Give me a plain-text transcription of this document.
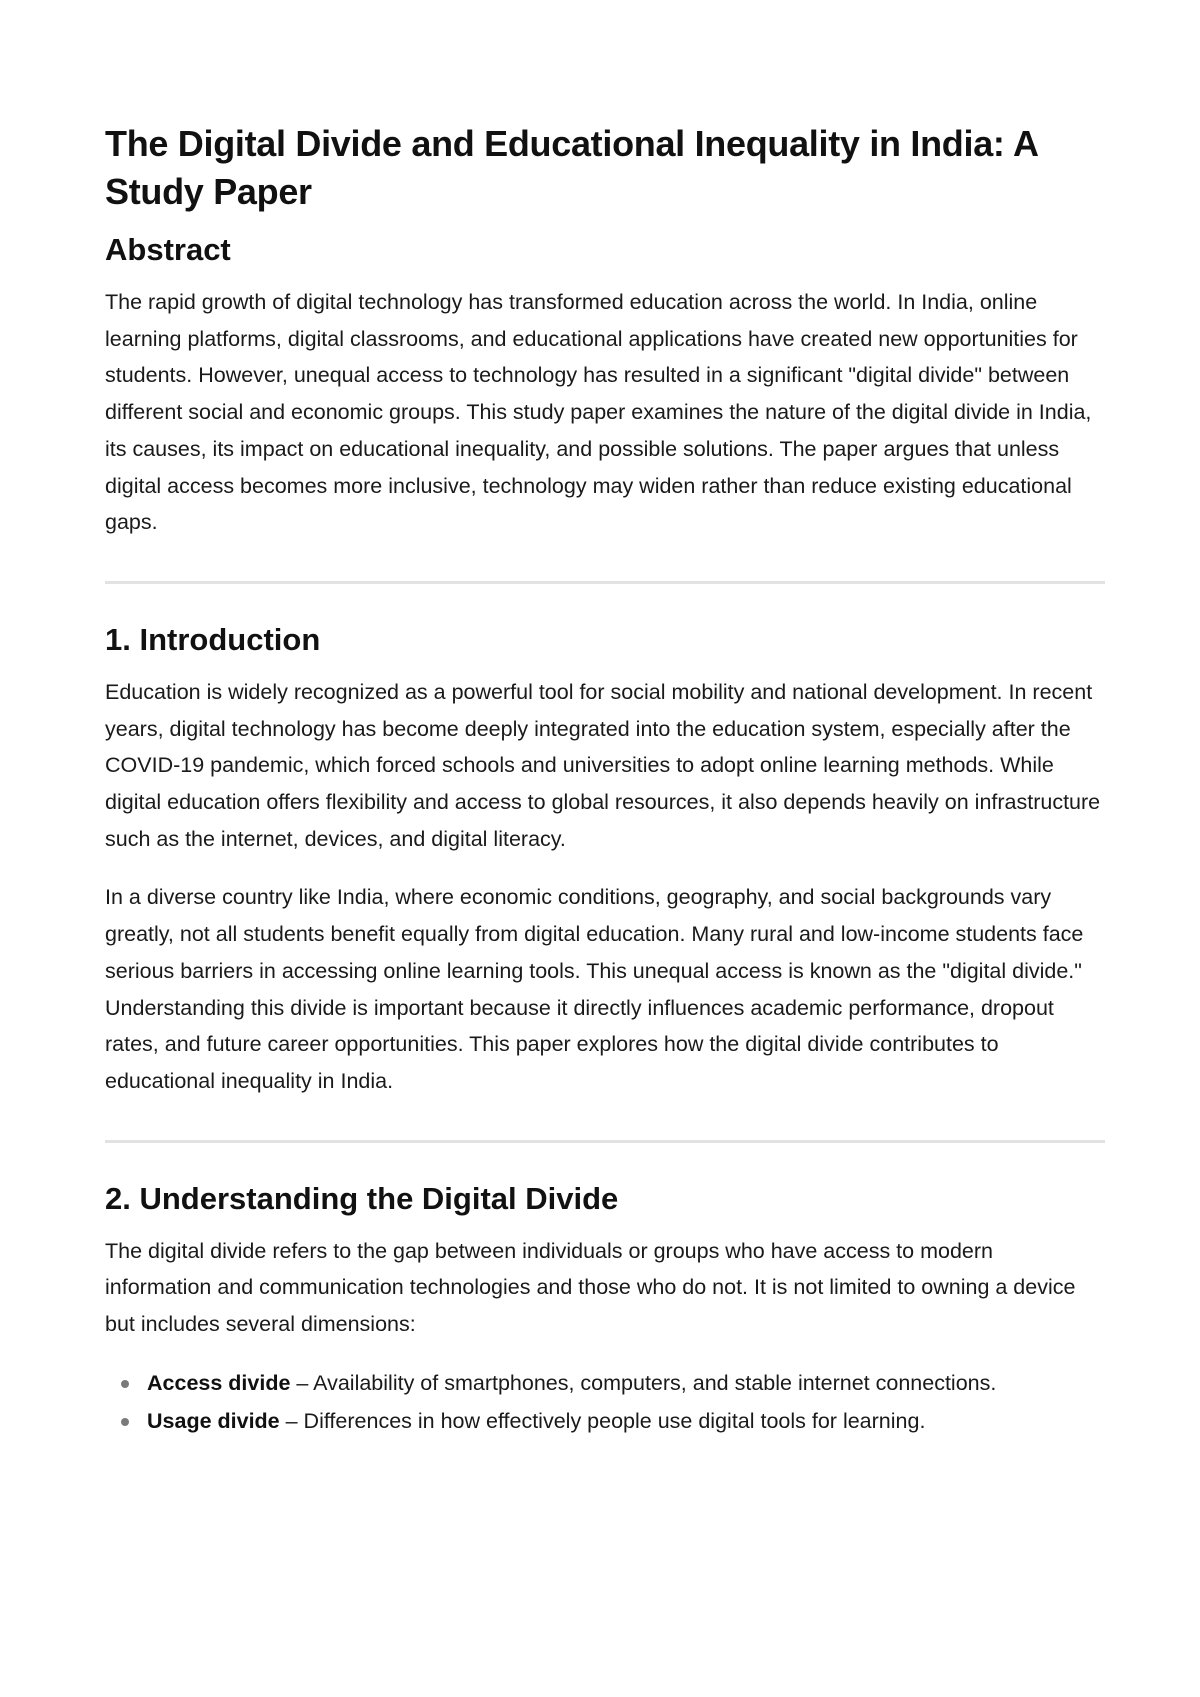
The Digital Divide and Educational Inequality in India: A Study Paper
Abstract

The rapid growth of digital technology has transformed education across the world. In India, online learning platforms, digital classrooms, and educational applications have created new opportunities for students. However, unequal access to technology has resulted in a significant "digital divide" between different social and economic groups. This study paper examines the nature of the digital divide in India, its causes, its impact on educational inequality, and possible solutions. The paper argues that unless digital access becomes more inclusive, technology may widen rather than reduce existing educational gaps.

1. Introduction

Education is widely recognized as a powerful tool for social mobility and national development. In recent years, digital technology has become deeply integrated into the education system, especially after the COVID-19 pandemic, which forced schools and universities to adopt online learning methods. While digital education offers flexibility and access to global resources, it also depends heavily on infrastructure such as the internet, devices, and digital literacy.

In a diverse country like India, where economic conditions, geography, and social backgrounds vary greatly, not all students benefit equally from digital education. Many rural and low-income students face serious barriers in accessing online learning tools. This unequal access is known as the "digital divide." Understanding this divide is important because it directly influences academic performance, dropout rates, and future career opportunities. This paper explores how the digital divide contributes to educational inequality in India.

2. Understanding the Digital Divide

The digital divide refers to the gap between individuals or groups who have access to modern information and communication technologies and those who do not. It is not limited to owning a device but includes several dimensions:

Access divide – Availability of smartphones, computers, and stable internet connections.
Usage divide – Differences in how effectively people use digital tools for learning.
